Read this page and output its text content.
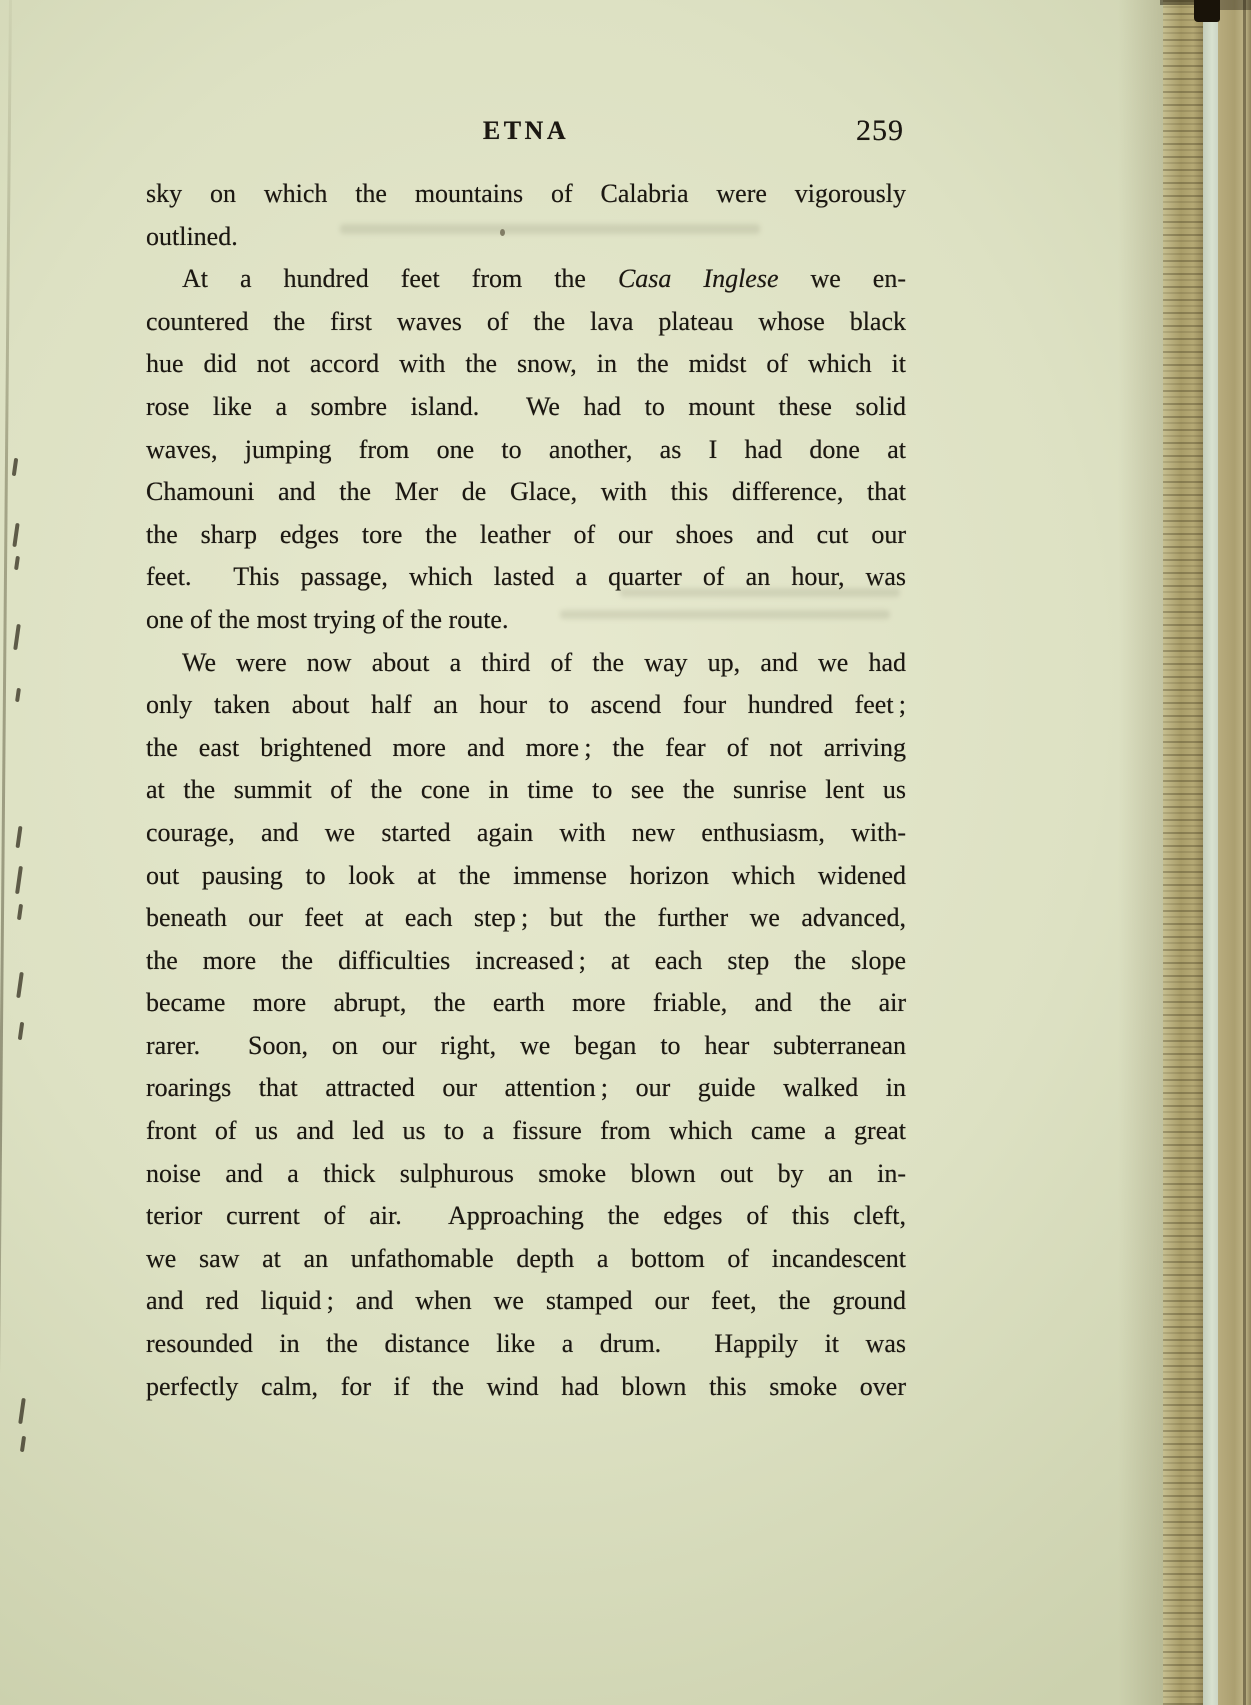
ETNA	259
sky on which the mountains of Calabria were vigorously
outlined.
At a hundred feet from the Casa Inglese we en-
countered the first waves of the lava plateau whose black
hue did not accord with the snow, in the midst of which it
rose like a sombre island.  We had to mount these solid
waves, jumping from one to another, as I had done at
Chamouni and the Mer de Glace, with this difference, that
the sharp edges tore the leather of our shoes and cut our
feet.  This passage, which lasted a quarter of an hour, was
one of the most trying of the route.
We were now about a third of the way up, and we had
only taken about half an hour to ascend four hundred feet ;
the east brightened more and more ; the fear of not arriving
at the summit of the cone in time to see the sunrise lent us
courage, and we started again with new enthusiasm, with-
out pausing to look at the immense horizon which widened
beneath our feet at each step ; but the further we advanced,
the more the difficulties increased ; at each step the slope
became more abrupt, the earth more friable, and the air
rarer.  Soon, on our right, we began to hear subterranean
roarings that attracted our attention ; our guide walked in
front of us and led us to a fissure from which came a great
noise and a thick sulphurous smoke blown out by an in-
terior current of air.  Approaching the edges of this cleft,
we saw at an unfathomable depth a bottom of incandescent
and red liquid ; and when we stamped our feet, the ground
resounded in the distance like a drum.  Happily it was
perfectly calm, for if the wind had blown this smoke over
